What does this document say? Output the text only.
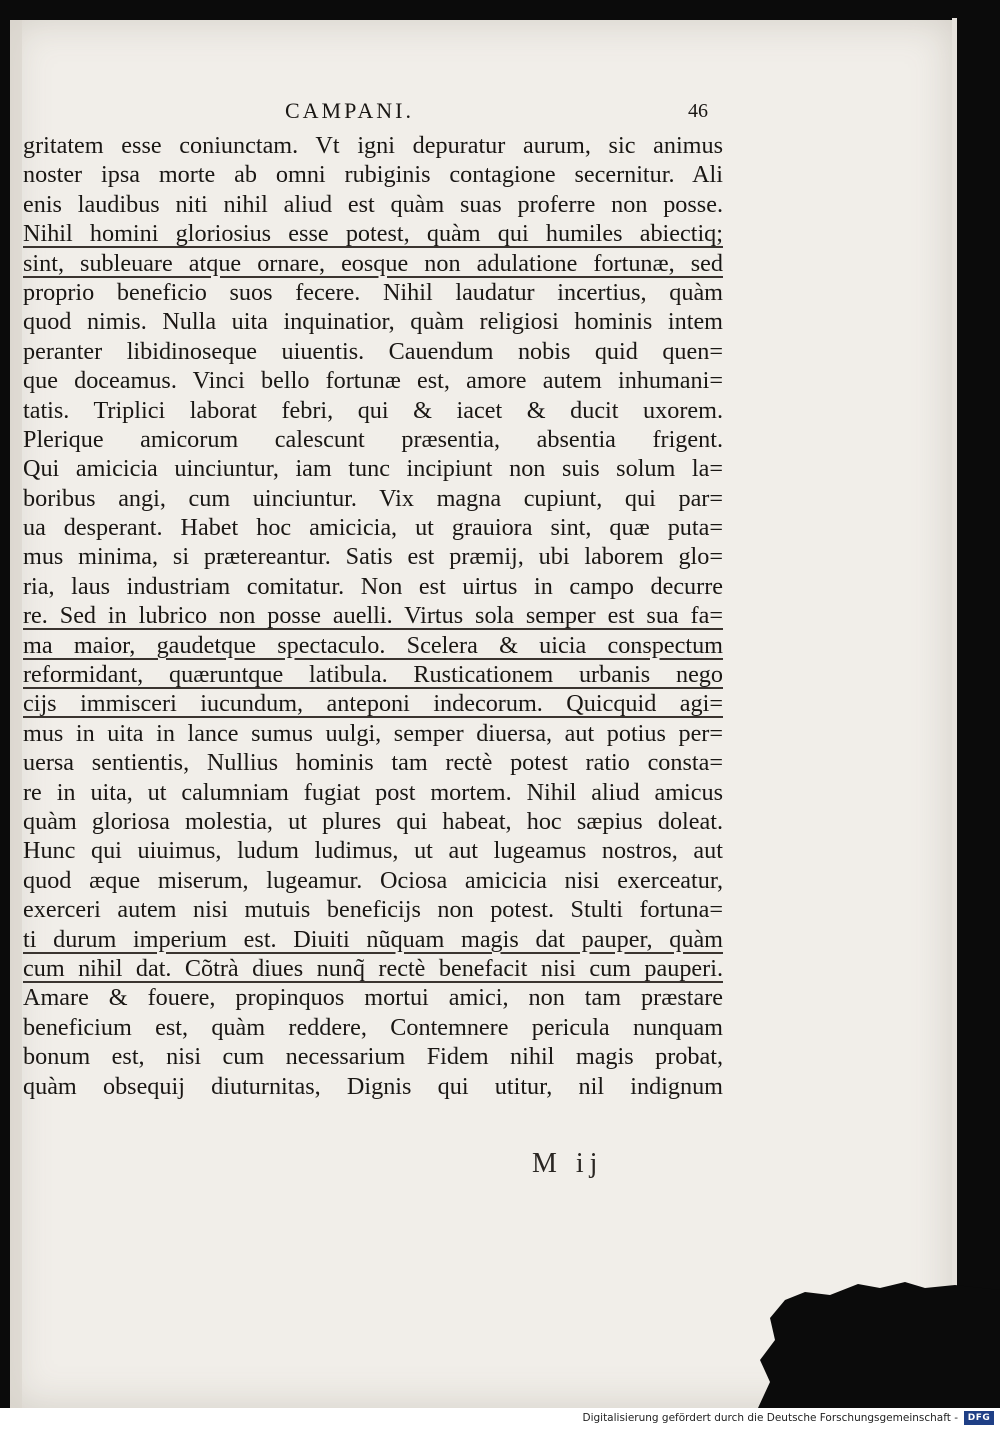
CAMPANI.	46
gritatem esse coniunctam. Vt igni depuratur aurum, sic animus
noster ipsa morte ab omni rubiginis contagione secernitur. Ali
enis laudibus niti nihil aliud est quàm suas proferre non posse.
Nihil homini gloriosius esse potest, quàm qui humiles abiectiq;
sint, subleuare atque ornare, eosque non adulatione fortunæ, sed
proprio beneficio suos fecere. Nihil laudatur incertius, quàm
quod nimis. Nulla uita inquinatior, quàm religiosi hominis intem
peranter libidinoseque uiuentis. Cauendum nobis quid quen=
que doceamus. Vinci bello fortunæ est, amore autem inhumani=
tatis. Triplici laborat febri, qui & iacet & ducit uxorem.
Plerique amicorum calescunt præsentia, absentia frigent.
Qui amicicia uinciuntur, iam tunc incipiunt non suis solum la=
boribus angi, cum uinciuntur. Vix magna cupiunt, qui par=
ua desperant. Habet hoc amicicia, ut grauiora sint, quæ puta=
mus minima, si prætereantur. Satis est præmij, ubi laborem glo=
ria, laus industriam comitatur. Non est uirtus in campo decurre
re. Sed in lubrico non posse auelli. Virtus sola semper est sua fa=
ma maior, gaudetque spectaculo. Scelera & uicia conspectum
reformidant, quæruntque latibula. Rusticationem urbanis nego
cijs immisceri iucundum, anteponi indecorum. Quicquid agi=
mus in uita in lance sumus uulgi, semper diuersa, aut potius per=
uersa sentientis, Nullius hominis tam rectè potest ratio consta=
re in uita, ut calumniam fugiat post mortem. Nihil aliud amicus
quàm gloriosa molestia, ut plures qui habeat, hoc sæpius doleat.
Hunc qui uiuimus, ludum ludimus, ut aut lugeamus nostros, aut
quod æque miserum, lugeamur. Ociosa amicicia nisi exerceatur,
exerceri autem nisi mutuis beneficijs non potest. Stulti fortuna=
ti durum imperium est. Diuiti nũquam magis dat pauper, quàm
cum nihil dat. Cõtrà diues nunq̃ rectè benefacit nisi cum pauperi.
Amare & fouere, propinquos mortui amici, non tam præstare
beneficium est, quàm reddere, Contemnere pericula nunquam
bonum est, nisi cum necessarium Fidem nihil magis probat,
quàm obsequij diuturnitas, Dignis qui utitur, nil indignum
M ij
Digitalisierung gefördert durch die Deutsche Forschungsgemeinschaft -	DFG
